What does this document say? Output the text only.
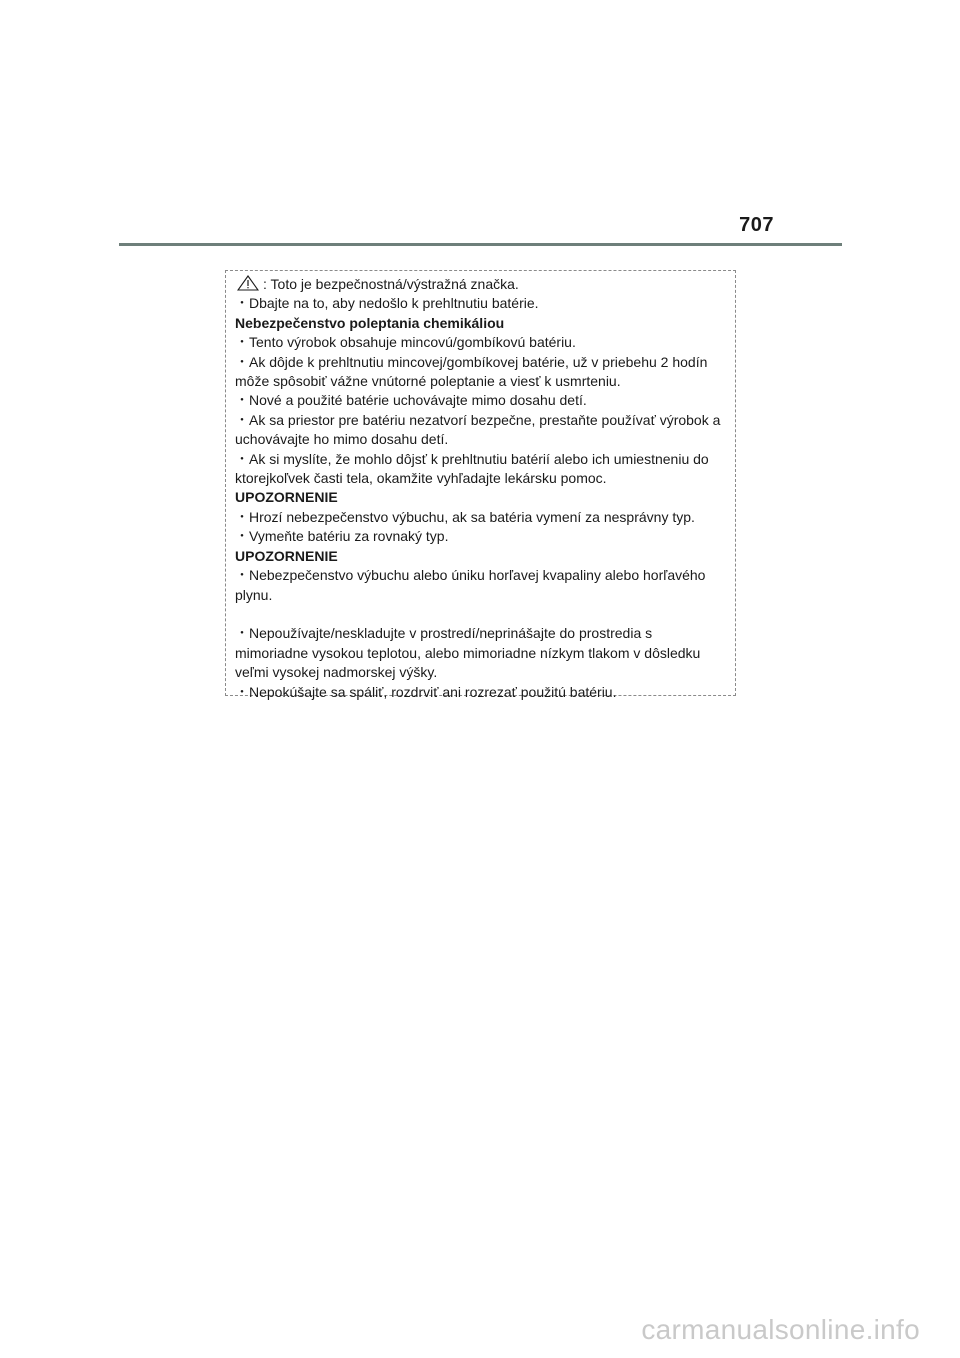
707

: Toto je bezpečnostná/výstražná značka.

・Dbajte na to, aby nedošlo k prehltnutiu batérie.

Nebezpečenstvo poleptania chemikáliou

・Tento výrobok obsahuje mincovú/gombíkovú batériu.

・Ak dôjde k prehltnutiu mincovej/gombíkovej batérie, už v priebehu 2 hodín

môže spôsobiť vážne vnútorné poleptanie a viesť k usmrteniu.

・Nové a použité batérie uchovávajte mimo dosahu detí.

・Ak sa priestor pre batériu nezatvorí bezpečne, prestaňte používať výrobok a

uchovávajte ho mimo dosahu detí.

・Ak si myslíte, že mohlo dôjsť k prehltnutiu batérií alebo ich umiestneniu do

ktorejkoľvek časti tela, okamžite vyhľadajte lekársku pomoc.

UPOZORNENIE

・Hrozí nebezpečenstvo výbuchu, ak sa batéria vymení za nesprávny typ.

・Vymeňte batériu za rovnaký typ.

UPOZORNENIE

・Nebezpečenstvo výbuchu alebo úniku horľavej kvapaliny alebo horľavého

plynu.

・Nepoužívajte/neskladujte v prostredí/neprinášajte do prostredia s

mimoriadne vysokou teplotou, alebo mimoriadne nízkym tlakom v dôsledku

veľmi vysokej nadmorskej výšky.

・Nepokúšajte sa spáliť, rozdrviť ani rozrezať použitú batériu.

carmanualsonline.info
